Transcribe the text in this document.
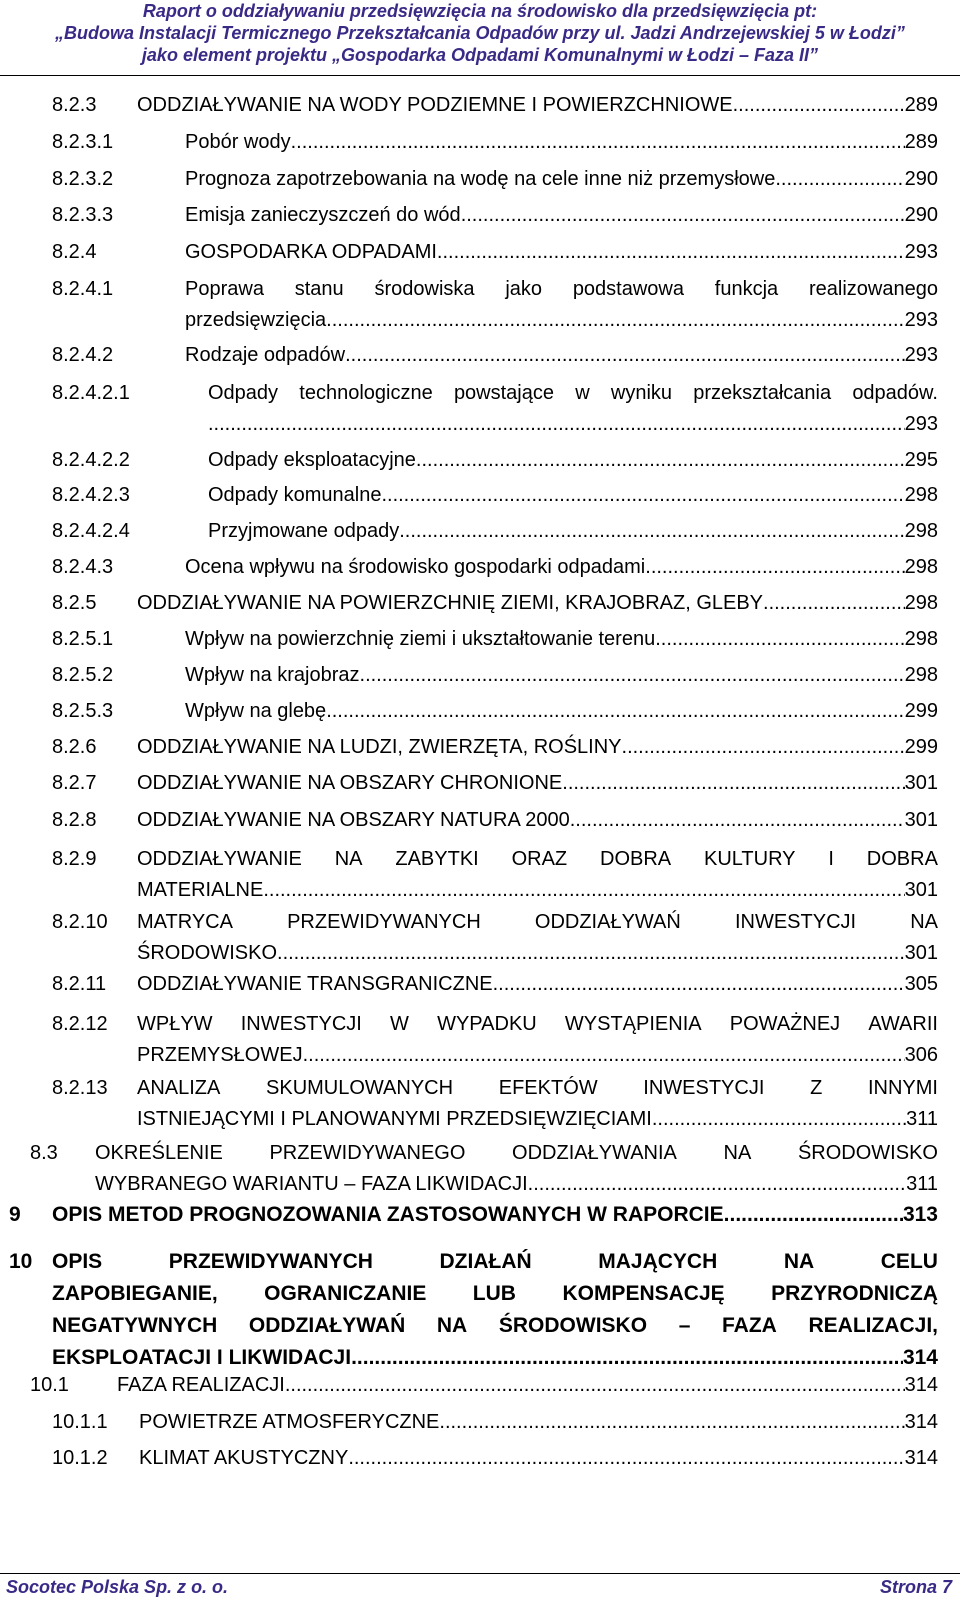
Raport o oddziaływaniu przedsięwzięcia na środowisko dla przedsięwzięcia pt:
„Budowa Instalacji Termicznego Przekształcania Odpadów przy ul. Jadzi Andrzejewskiej 5 w Łodzi”
jako element projektu „Gospodarka Odpadami Komunalnymi w Łodzi – Faza II”
8.2.3	ODDZIAŁYWANIE NA WODY PODZIEMNE I POWIERZCHNIOWE .....	289
8.2.3.1	Pobór wody .....	289
8.2.3.2	Prognoza zapotrzebowania na wodę na cele inne niż przemysłowe .....	290
8.2.3.3	Emisja zanieczyszczeń do wód .....	290
8.2.4	GOSPODARKA ODPADAMI .....	293
8.2.4.1	Poprawa stanu środowiska jako podstawowa funkcja realizowanego
przedsięwzięcia .....	293
8.2.4.2	Rodzaje odpadów .....	293
8.2.4.2.1	Odpady technologiczne powstające w wyniku przekształcania odpadów.
.....
293
8.2.4.2.2	Odpady eksploatacyjne .....	295
8.2.4.2.3	Odpady komunalne .....	298
8.2.4.2.4	Przyjmowane odpady .....	298
8.2.4.3	Ocena wpływu na środowisko gospodarki odpadami .....	298
8.2.5	ODDZIAŁYWANIE NA POWIERZCHNIĘ ZIEMI, KRAJOBRAZ, GLEBY .....	298
8.2.5.1	Wpływ na powierzchnię ziemi i ukształtowanie terenu .....	298
8.2.5.2	Wpływ na krajobraz .....	298
8.2.5.3	Wpływ na glebę .....	299
8.2.6	ODDZIAŁYWANIE NA LUDZI, ZWIERZĘTA, ROŚLINY .....	299
8.2.7	ODDZIAŁYWANIE NA OBSZARY CHRONIONE .....	301
8.2.8	ODDZIAŁYWANIE NA OBSZARY NATURA 2000 .....	301
8.2.9 ODDZIAŁYWANIE NA ZABYTKI ORAZ DOBRA KULTURY I DOBRA
MATERIALNE .....	301
8.2.10 MATRYCA	PRZEWIDYWANYCH	ODDZIAŁYWAŃ	INWESTYCJI	NA
ŚRODOWISKO .....	301
8.2.11	ODDZIAŁYWANIE TRANSGRANICZNE .....	305
8.2.12 WPŁYW INWESTYCJI W WYPADKU WYSTĄPIENIA POWAŻNEJ AWARII
PRZEMYSŁOWEJ .....	306
8.2.13 ANALIZA SKUMULOWANYCH EFEKTÓW INWESTYCJI Z INNYMI
ISTNIEJĄCYMI I PLANOWANYMI PRZEDSIĘWZIĘCIAMI .....	311
8.3 OKREŚLENIE PRZEWIDYWANEGO ODDZIAŁYWANIA NA ŚRODOWISKO
WYBRANEGO WARIANTU – FAZA LIKWIDACJI .....	311
9	OPIS METOD PROGNOZOWANIA ZASTOSOWANYCH W RAPORCIE .....	313
10 OPIS	PRZEWIDYWANYCH	DZIAŁAŃ	MAJĄCYCH	NA	CELU
ZAPOBIEGANIE, OGRANICZANIE LUB KOMPENSACJĘ PRZYRODNICZĄ
NEGATYWNYCH ODDZIAŁYWAŃ NA ŚRODOWISKO – FAZA REALIZACJI,
EKSPLOATACJI I LIKWIDACJI .....	314
10.1	FAZA REALIZACJI .....	314
10.1.1	POWIETRZE ATMOSFERYCZNE .....	314
10.1.2	KLIMAT AKUSTYCZNY .....	314
Socotec Polska Sp. z o. o.	Strona 7
